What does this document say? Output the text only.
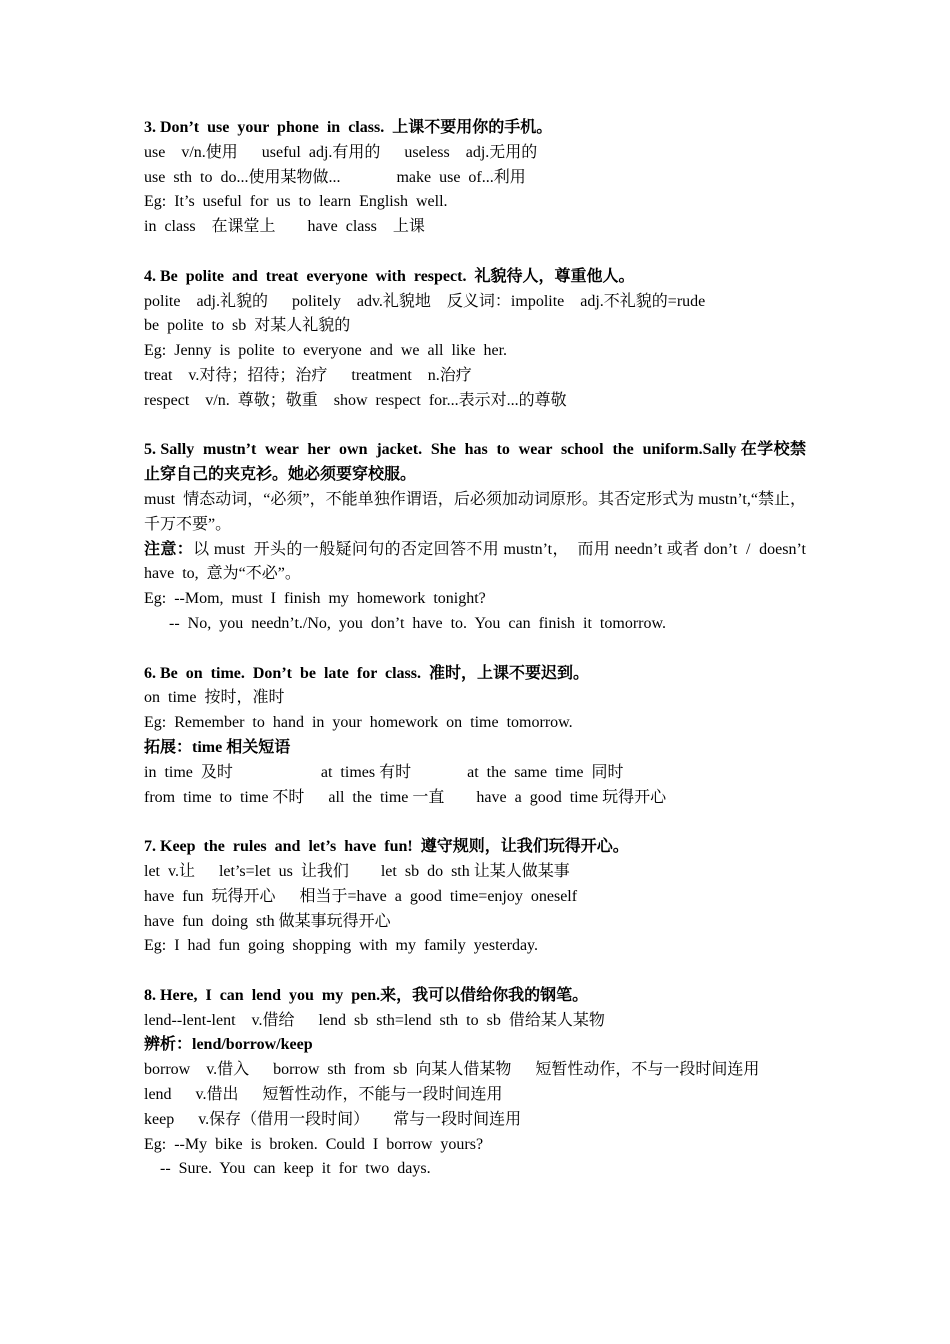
3. Don’t  use  your  phone  in  class.  上课不要用你的手机。
use    v/n.使用      useful  adj.有用的      useless    adj.无用的
use  sth  to  do...使用某物做...              make  use  of...利用
Eg:  It’s  useful  for  us  to  learn  English  well.
in  class    在课堂上        have  class    上课
4. Be  polite  and  treat  everyone  with  respect.  礼貌待人，尊重他人。
polite    adj.礼貌的      politely    adv.礼貌地    反义词：impolite    adj.不礼貌的=rude
be  polite  to  sb  对某人礼貌的
Eg:  Jenny  is  polite  to  everyone  and  we  all  like  her.
treat    v.对待；招待；治疗      treatment    n.治疗
respect    v/n.  尊敬；敬重    show  respect  for...表示对...的尊敬
5. Sally  mustn’t  wear  her  own  jacket.  She  has  to  wear  school  the  uniform.Sally 在学校禁止穿自己的夹克衫。她必须要穿校服。
must  情态动词，“必须”，不能单独作谓语，后必须加动词原形。其否定形式为 mustn’t,“禁止，千万不要”。
注意：以 must  开头的一般疑问句的否定回答不用 mustn’t，  而用 needn’t 或者 don’t  /  doesn’t  have  to,  意为“不必”。
Eg:  --Mom,  must  I  finish  my  homework  tonight?
--  No,  you  needn’t./No,  you  don’t  have  to.  You  can  finish  it  tomorrow.
6. Be  on  time.  Don’t  be  late  for  class.  准时，上课不要迟到。
on  time  按时，准时
Eg:  Remember  to  hand  in  your  homework  on  time  tomorrow.
拓展：time 相关短语
in  time  及时                      at  times 有时              at  the  same  time  同时
from  time  to  time 不时      all  the  time 一直        have  a  good  time 玩得开心
7. Keep  the  rules  and  let’s  have  fun!  遵守规则，让我们玩得开心。
let  v.让      let’s=let  us  让我们        let  sb  do  sth 让某人做某事
have  fun  玩得开心      相当于=have  a  good  time=enjoy  oneself
have  fun  doing  sth 做某事玩得开心
Eg:  I  had  fun  going  shopping  with  my  family  yesterday.
8. Here,  I  can  lend  you  my  pen.来，我可以借给你我的钢笔。
lend--lent-lent    v.借给      lend  sb  sth=lend  sth  to  sb  借给某人某物
辨析：lend/borrow/keep
borrow    v.借入      borrow  sth  from  sb  向某人借某物      短暂性动作，不与一段时间连用
lend      v.借出      短暂性动作，不能与一段时间连用
keep      v.保存（借用一段时间）      常与一段时间连用
Eg:  --My  bike  is  broken.  Could  I  borrow  yours?
--  Sure.  You  can  keep  it  for  two  days.
